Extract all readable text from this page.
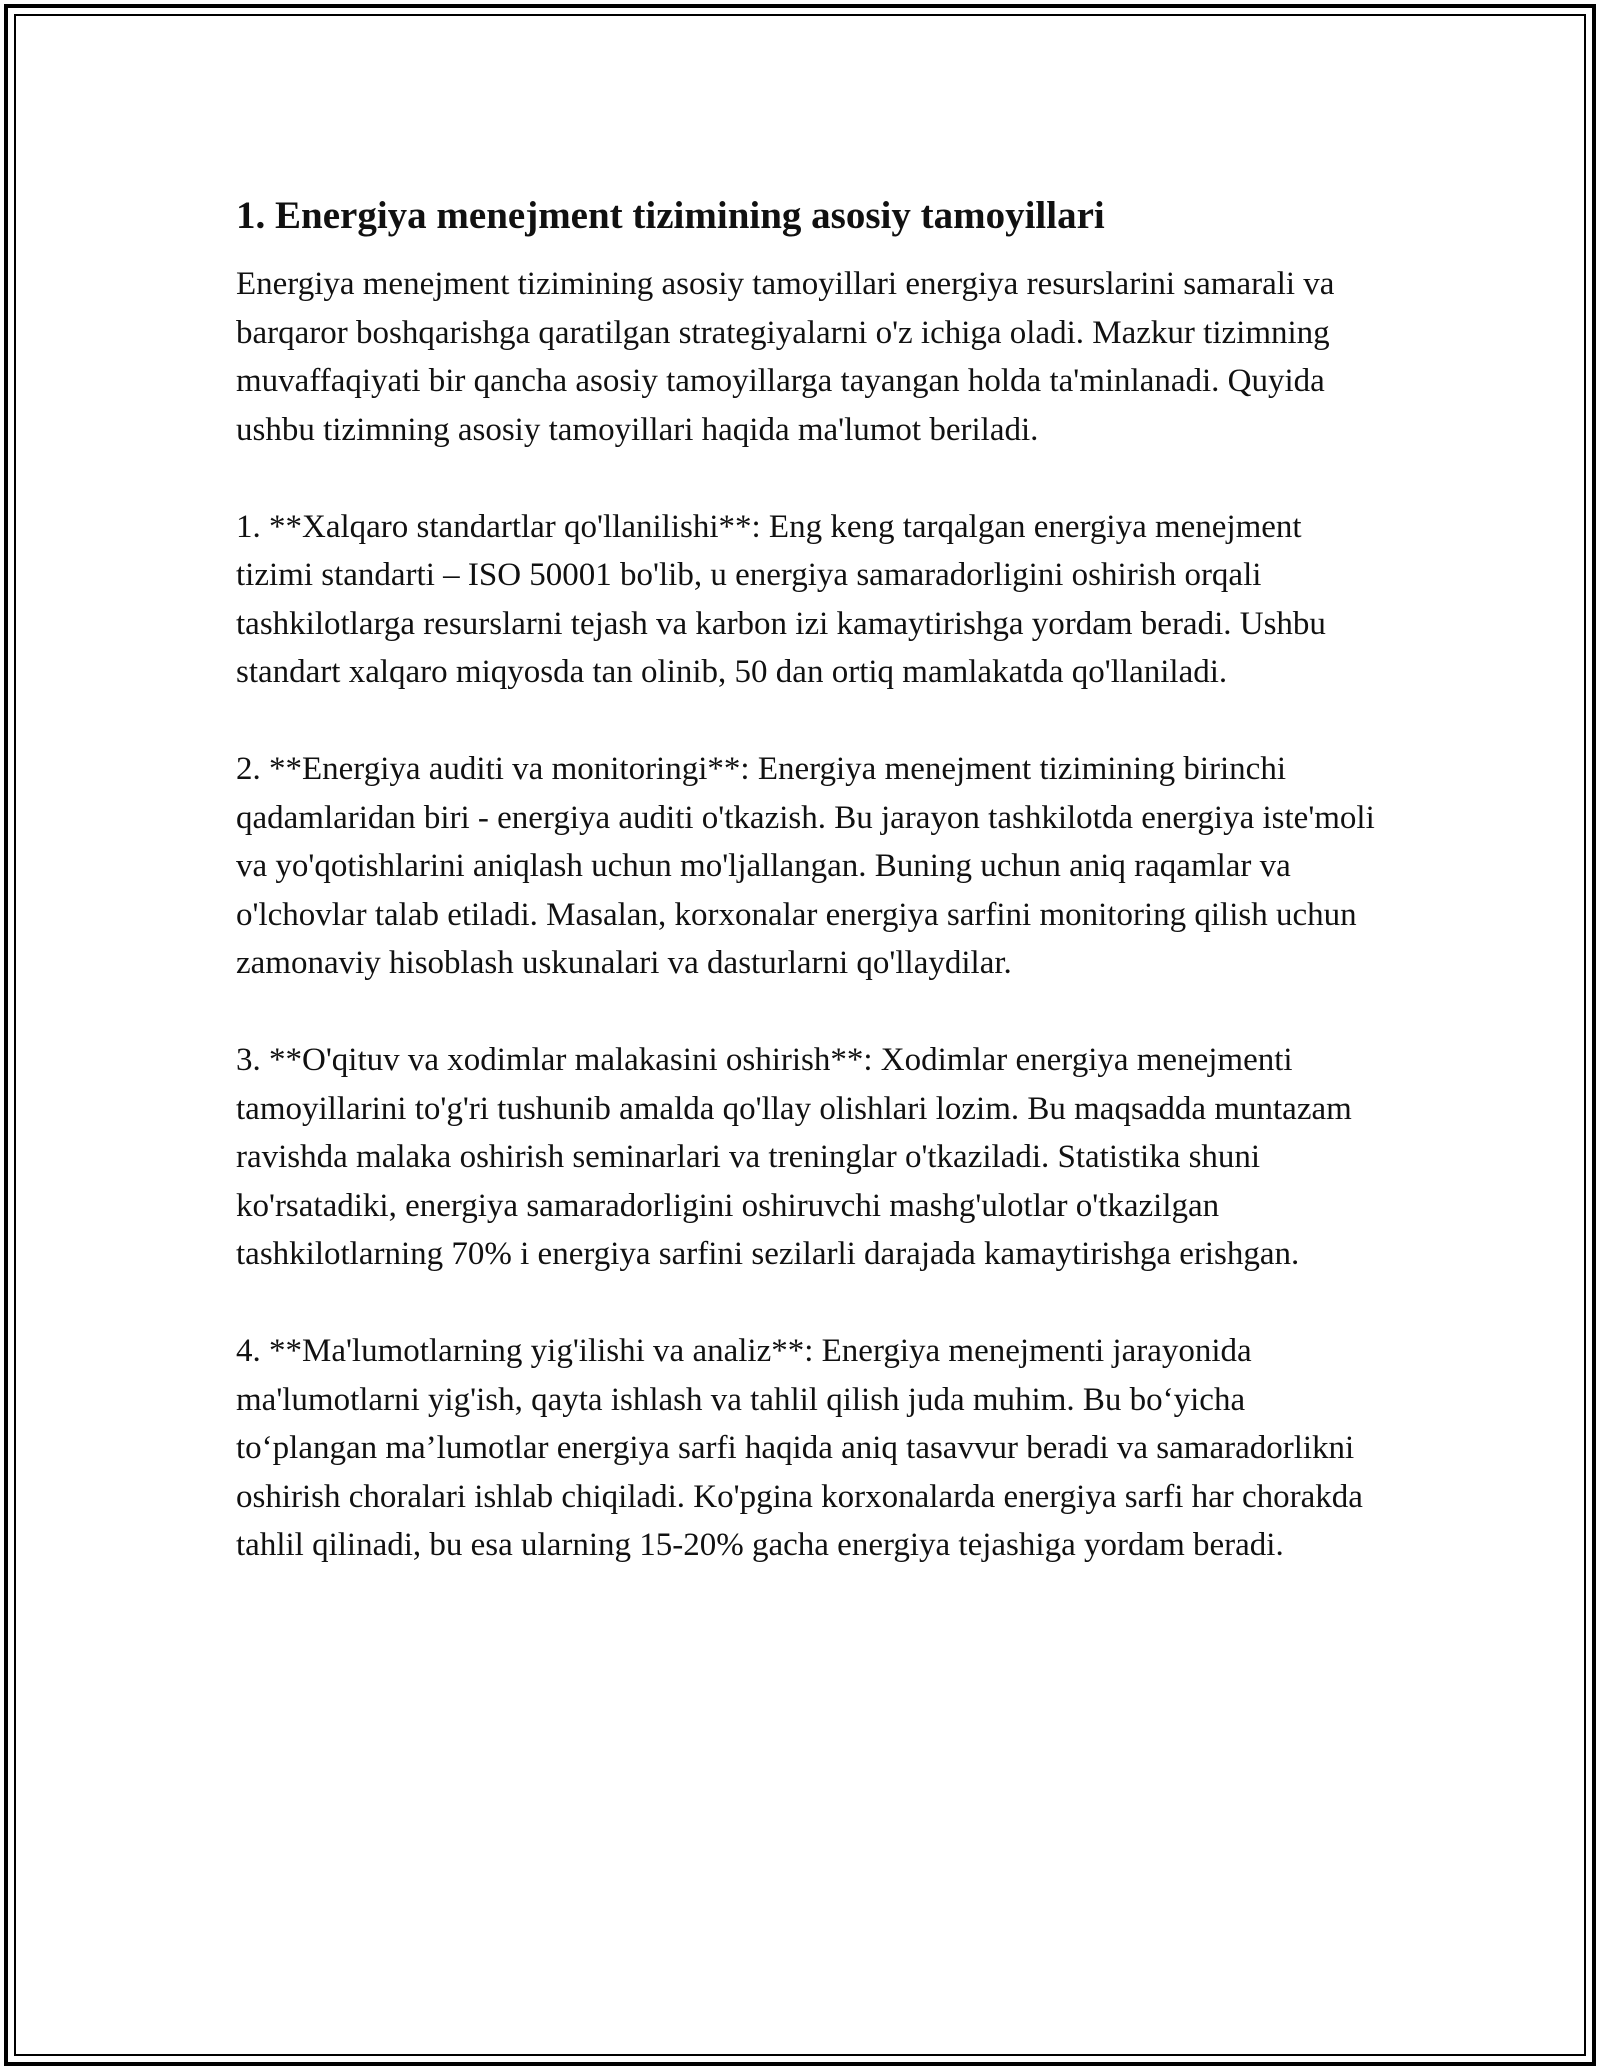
1. Energiya menejment tizimining asosiy tamoyillari

Energiya menejment tizimining asosiy tamoyillari energiya resurslarini samarali va barqaror boshqarishga qaratilgan strategiyalarni o'z ichiga oladi. Mazkur tizimning muvaffaqiyati bir qancha asosiy tamoyillarga tayangan holda ta'minlanadi. Quyida ushbu tizimning asosiy tamoyillari haqida ma'lumot beriladi.

1. **Xalqaro standartlar qo'llanilishi**: Eng keng tarqalgan energiya menejment tizimi standarti – ISO 50001 bo'lib, u energiya samaradorligini oshirish orqali tashkilotlarga resurslarni tejash va karbon izi kamaytirishga yordam beradi. Ushbu standart xalqaro miqyosda tan olinib, 50 dan ortiq mamlakatda qo'llaniladi.

2. **Energiya auditi va monitoringi**: Energiya menejment tizimining birinchi qadamlaridan biri - energiya auditi o'tkazish. Bu jarayon tashkilotda energiya iste'moli va yo'qotishlarini aniqlash uchun mo'ljallangan. Buning uchun aniq raqamlar va o'lchovlar talab etiladi. Masalan, korxonalar energiya sarfini monitoring qilish uchun zamonaviy hisoblash uskunalari va dasturlarni qo'llaydilar.

3. **O'qituv va xodimlar malakasini oshirish**: Xodimlar energiya menejmenti tamoyillarini to'g'ri tushunib amalda qo'llay olishlari lozim. Bu maqsadda muntazam ravishda malaka oshirish seminarlari va treninglar o'tkaziladi. Statistika shuni ko'rsatadiki, energiya samaradorligini oshiruvchi mashg'ulotlar o'tkazilgan tashkilotlarning 70% i energiya sarfini sezilarli darajada kamaytirishga erishgan.

4. **Ma'lumotlarning yig'ilishi va analiz**: Energiya menejmenti jarayonida ma'lumotlarni yig'ish, qayta ishlash va tahlil qilish juda muhim. Bu bo‘yicha to‘plangan ma’lumotlar energiya sarfi haqida aniq tasavvur beradi va samaradorlikni oshirish choralari ishlab chiqiladi. Ko'pgina korxonalarda energiya sarfi har chorakda tahlil qilinadi, bu esa ularning 15-20% gacha energiya tejashiga yordam beradi.
